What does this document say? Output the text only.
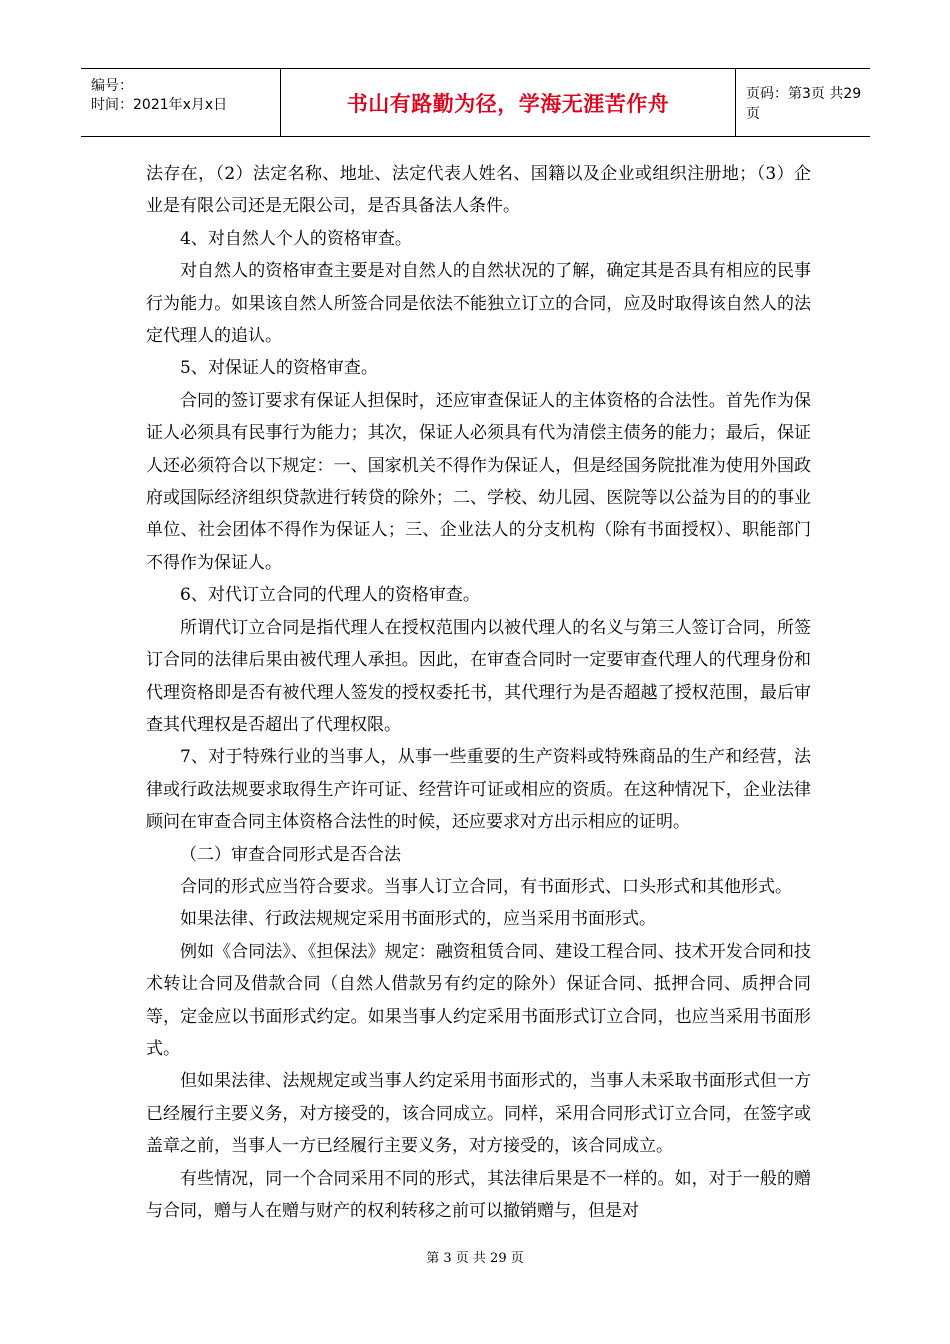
编号：
时间：2021年x月x日	书山有路勤为径，学海无涯苦作舟	页码：第3页 共29页

法存在，（2）法定名称、地址、法定代表人姓名、国籍以及企业或组织注册地；（3）企业是有限公司还是无限公司，是否具备法人条件。

4、对自然人个人的资格审查。

对自然人的资格审查主要是对自然人的自然状况的了解，确定其是否具有相应的民事行为能力。如果该自然人所签合同是依法不能独立订立的合同，应及时取得该自然人的法定代理人的追认。

5、对保证人的资格审查。

合同的签订要求有保证人担保时，还应审查保证人的主体资格的合法性。首先作为保证人必须具有民事行为能力；其次，保证人必须具有代为清偿主债务的能力；最后，保证人还必须符合以下规定：一、国家机关不得作为保证人，但是经国务院批准为使用外国政府或国际经济组织贷款进行转贷的除外；二、学校、幼儿园、医院等以公益为目的的事业单位、社会团体不得作为保证人；三、企业法人的分支机构（除有书面授权）、职能部门不得作为保证人。

6、对代订立合同的代理人的资格审查。

所谓代订立合同是指代理人在授权范围内以被代理人的名义与第三人签订合同，所签订合同的法律后果由被代理人承担。因此，在审查合同时一定要审查代理人的代理身份和代理资格即是否有被代理人签发的授权委托书，其代理行为是否超越了授权范围，最后审查其代理权是否超出了代理权限。

7、对于特殊行业的当事人，从事一些重要的生产资料或特殊商品的生产和经营，法律或行政法规要求取得生产许可证、经营许可证或相应的资质。在这种情况下，企业法律顾问在审查合同主体资格合法性的时候，还应要求对方出示相应的证明。

（二）审查合同形式是否合法

合同的形式应当符合要求。当事人订立合同，有书面形式、口头形式和其他形式。

如果法律、行政法规规定采用书面形式的，应当采用书面形式。

例如《合同法》、《担保法》规定：融资租赁合同、建设工程合同、技术开发合同和技术转让合同及借款合同（自然人借款另有约定的除外）保证合同、抵押合同、质押合同等，定金应以书面形式约定。如果当事人约定采用书面形式订立合同，也应当采用书面形式。

但如果法律、法规规定或当事人约定采用书面形式的，当事人未采取书面形式但一方已经履行主要义务，对方接受的，该合同成立。同样，采用合同形式订立合同，在签字或盖章之前，当事人一方已经履行主要义务，对方接受的，该合同成立。

有些情况，同一个合同采用不同的形式，其法律后果是不一样的。如，对于一般的赠与合同，赠与人在赠与财产的权利转移之前可以撤销赠与，但是对

第 3 页 共 29 页
